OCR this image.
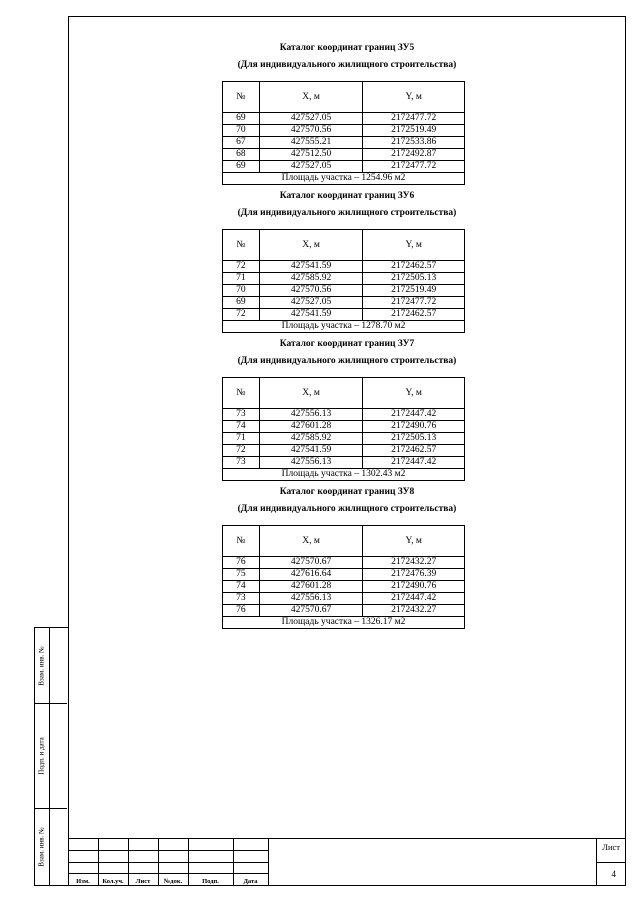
Взам. инв. №
Подп. и дата
Взам. инв. №
Каталог координат границ ЗУ5
(Для индивидуального жилищного строительства)
№	X, м	Y, м
69	427527.05	2172477.72
70	427570.56	2172519.49
67	427555.21	2172533.86
68	427512.50	2172492.87
69	427527.05	2172477.72
Площадь участка – 1254.96 м2		
Каталог координат границ ЗУ6
(Для индивидуального жилищного строительства)
№	X, м	Y, м
72	427541.59	2172462.57
71	427585.92	2172505.13
70	427570.56	2172519.49
69	427527.05	2172477.72
72	427541.59	2172462.57
Площадь участка – 1278.70 м2		
Каталог координат границ ЗУ7
(Для индивидуального жилищного строительства)
№	X, м	Y, м
73	427556.13	2172447.42
74	427601.28	2172490.76
71	427585.92	2172505.13
72	427541.59	2172462.57
73	427556.13	2172447.42
Площадь участка – 1302.43 м2		
Каталог координат границ ЗУ8
(Для индивидуального жилищного строительства)
№	X, м	Y, м
76	427570.67	2172432.27
75	427616.64	2172476.39
74	427601.28	2172490.76
73	427556.13	2172447.42
76	427570.67	2172432.27
Площадь участка – 1326.17 м2		
Изм.	Кол.уч.	Лист	№док.	Подп.	Дата
Лист
4
